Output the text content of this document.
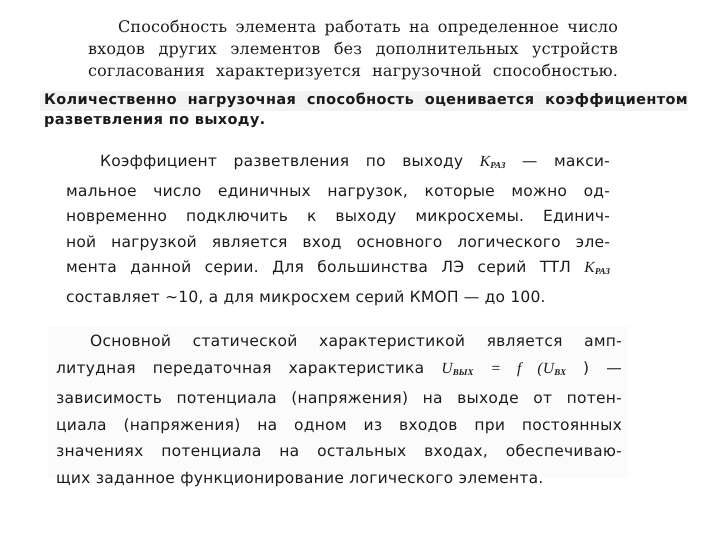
Способность элемента работать на определенное число
входов других элементов без дополнительных устройств
согласования характеризуется нагрузочной способностью.
Количественно нагрузочная способность оценивается коэффициентом
разветвления по выходу.
Коэффициент разветвления по выходу $K_{РАЗ}$ — макси-
мальное число единичных нагрузок, которые можно од-
новременно подключить к выходу микросхемы. Единич-
ной нагрузкой является вход основного логического эле-
мента данной серии. Для большинства ЛЭ серий ТТЛ $K_{РАЗ}$
составляет ~10, а для микросхем серий КМОП — до 100.
Основной статической характеристикой является амп-
литудная передаточная характеристика $U_{ВЫХ} = f$ ($U_{ВХ}$ ) —
зависимость потенциала (напряжения) на выходе от потен-
циала (напряжения) на одном из входов при постоянных
значениях потенциала на остальных входах, обеспечиваю-
щих заданное функционирование логического элемента.
